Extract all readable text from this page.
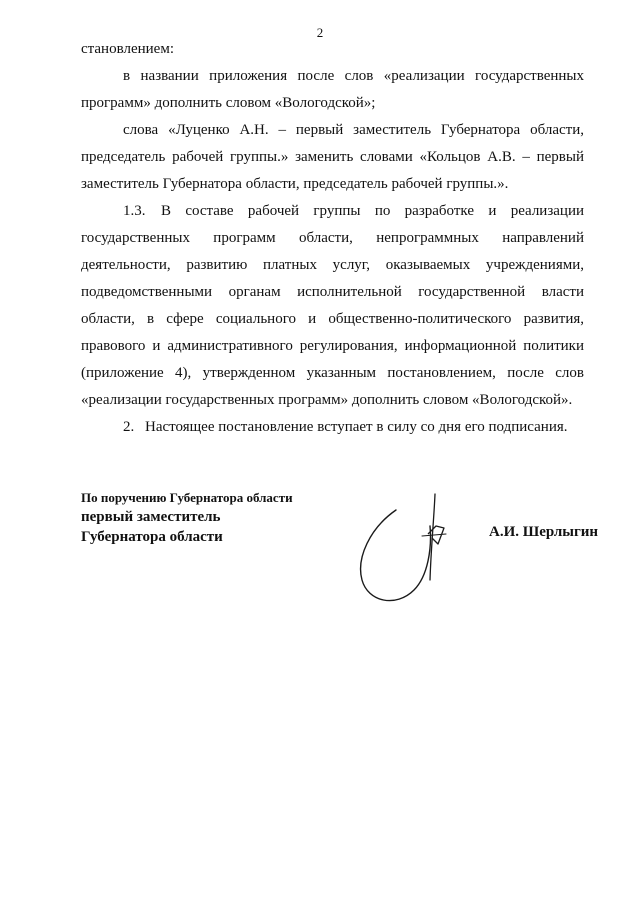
2

становлением:

в названии приложения после слов «реализации государственных программ» дополнить словом «Вологодской»;

слова «Луценко А.Н. – первый заместитель Губернатора области, председатель рабочей группы.» заменить словами «Кольцов А.В. – первый заместитель Губернатора области, председатель рабочей группы.».

1.3. В составе рабочей группы по разработке и реализации государственных программ области, непрограммных направлений деятельности, развитию платных услуг, оказываемых учреждениями, подведомственными органам исполнительной государственной власти области, в сфере социального и общественно-политического развития, правового и административного регулирования, информационной политики (приложение 4), утвержденном указанным постановлением, после слов «реализации государственных программ» дополнить словом «Вологодской».

2. Настоящее постановление вступает в силу со дня его подписания.

По поручению Губернатора области
первый заместитель
Губернатора области	А.И. Шерлыгин
